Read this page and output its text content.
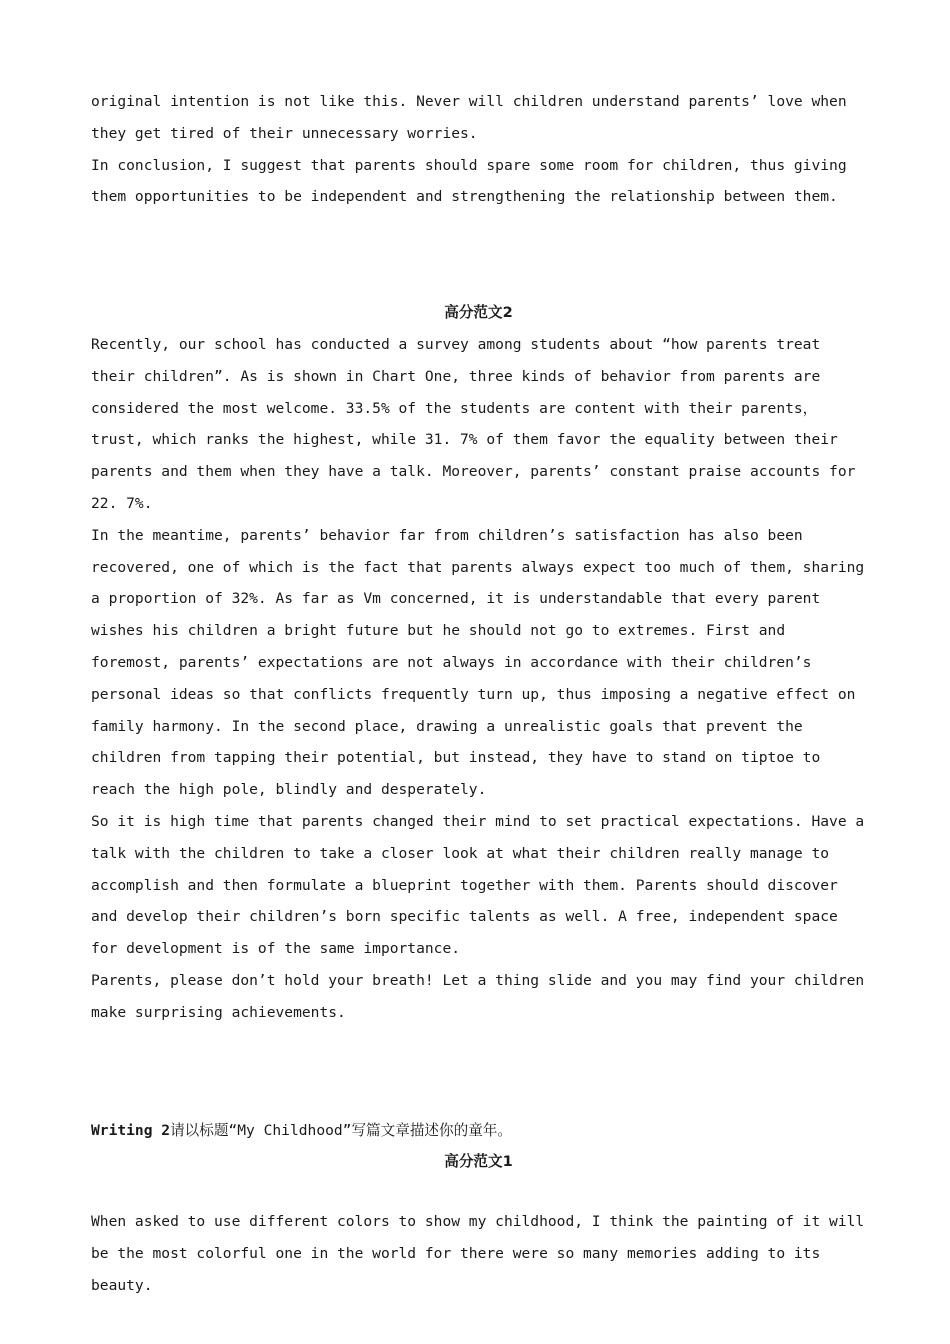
original intention is not like this. Never will children understand parents’ love when they get tired of their unnecessary worries.

In conclusion, I suggest that parents should spare some room for children, thus giving them opportunities to be independent and strengthening the relationship between them.

高分范文2

Recently, our school has conducted a survey among students about “how parents treat their children”. As is shown in Chart One, three kinds of behavior from parents are considered the most welcome. 33.5% of the students are content with their parents，trust, which ranks the highest, while 31. 7% of them favor the equality between their parents and them when they have a talk. Moreover, parents’ constant praise accounts for 22. 7%.

In the meantime, parents’ behavior far from children’s satisfaction has also been recovered, one of which is the fact that parents always expect too much of them, sharing a proportion of 32%. As far as Vm concerned, it is understandable that every parent wishes his children a bright future but he should not go to extremes. First and foremost, parents’ expectations are not always in accordance with their children’s personal ideas so that conflicts frequently turn up, thus imposing a negative effect on family harmony. In the second place, drawing a unrealistic goals that prevent the children from tapping their potential, but instead, they have to stand on tiptoe to reach the high pole, blindly and desperately.

So it is high time that parents changed their mind to set practical expectations. Have a talk with the children to take a closer look at what their children really manage to accomplish and then formulate a blueprint together with them. Parents should discover and develop their children’s born specific talents as well. A free, independent space for development is of the same importance.

Parents, please don’t hold your breath! Let a thing slide and you may find your children make surprising achievements.

Writing 2请以标题“My Childhood”写篇文章描述你的童年。

高分范文1

When asked to use different colors to show my childhood, I think the painting of it will be the most colorful one in the world for there were so many memories adding to its beauty.
